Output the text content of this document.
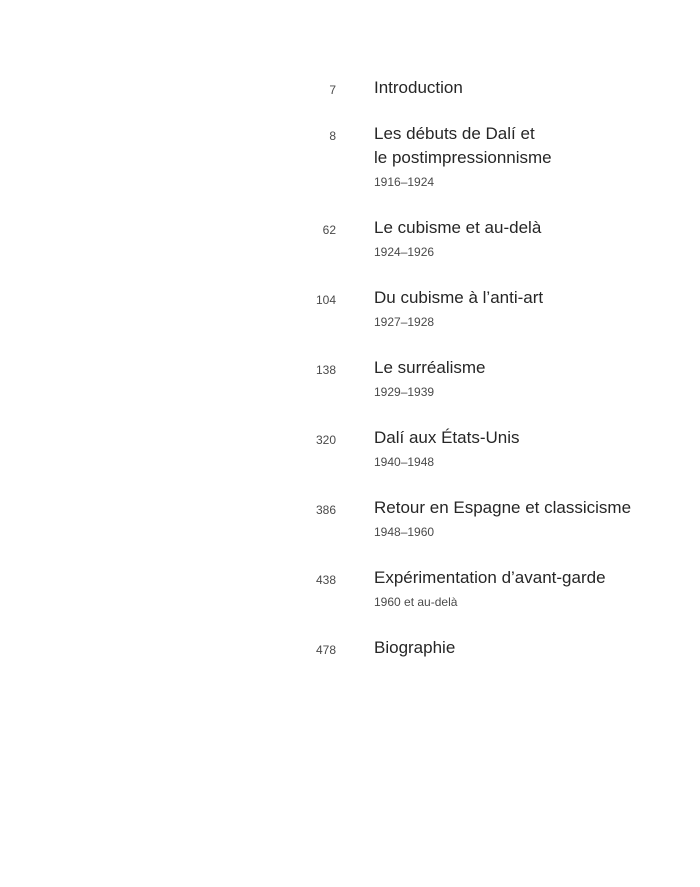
7 Introduction
8 Les débuts de Dalí et
le postimpressionnisme
1916–1924
62 Le cubisme et au-delà
1924–1926
104 Du cubisme à l’anti-art
1927–1928
138 Le surréalisme
1929–1939
320 Dalí aux États-Unis
1940–1948
386 Retour en Espagne et classicisme
1948–1960
438 Expérimentation d’avant-garde
1960 et au-delà
478 Biographie
